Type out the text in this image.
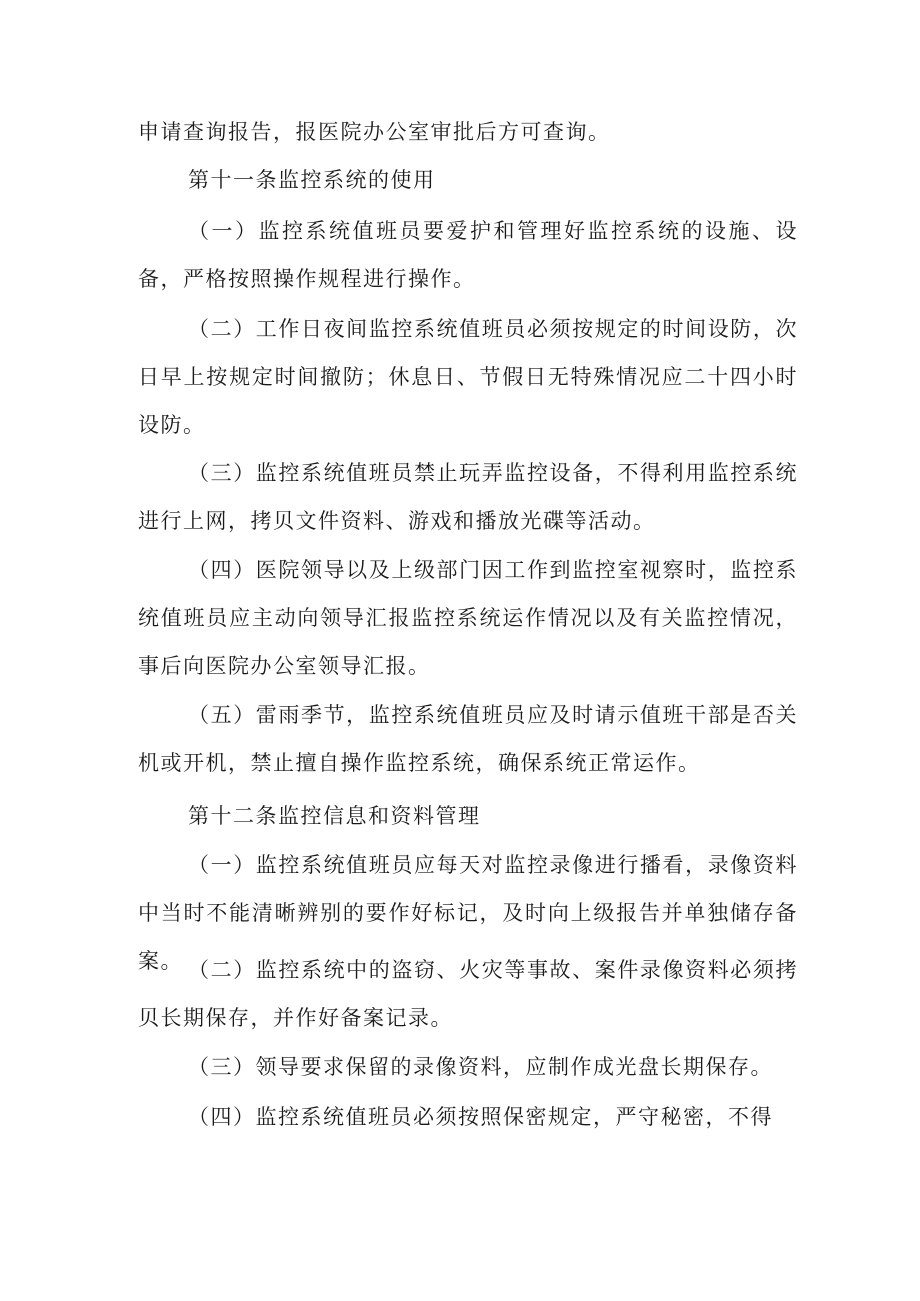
申请查询报告，报医院办公室审批后方可查询。

第十一条监控系统的使用

（一）监控系统值班员要爱护和管理好监控系统的设施、设备，严格按照操作规程进行操作。

（二）工作日夜间监控系统值班员必须按规定的时间设防，次日早上按规定时间撤防；休息日、节假日无特殊情况应二十四小时设防。

（三）监控系统值班员禁止玩弄监控设备，不得利用监控系统进行上网，拷贝文件资料、游戏和播放光碟等活动。

（四）医院领导以及上级部门因工作到监控室视察时，监控系统值班员应主动向领导汇报监控系统运作情况以及有关监控情况，事后向医院办公室领导汇报。

（五）雷雨季节，监控系统值班员应及时请示值班干部是否关机或开机，禁止擅自操作监控系统，确保系统正常运作。

第十二条监控信息和资料管理

（一）监控系统值班员应每天对监控录像进行播看，录像资料中当时不能清晰辨别的要作好标记，及时向上级报告并单独储存备案。 （二）监控系统中的盗窃、火灾等事故、案件录像资料必须拷贝长期保存，并作好备案记录。

（三）领导要求保留的录像资料，应制作成光盘长期保存。

（四）监控系统值班员必须按照保密规定，严守秘密，不得
